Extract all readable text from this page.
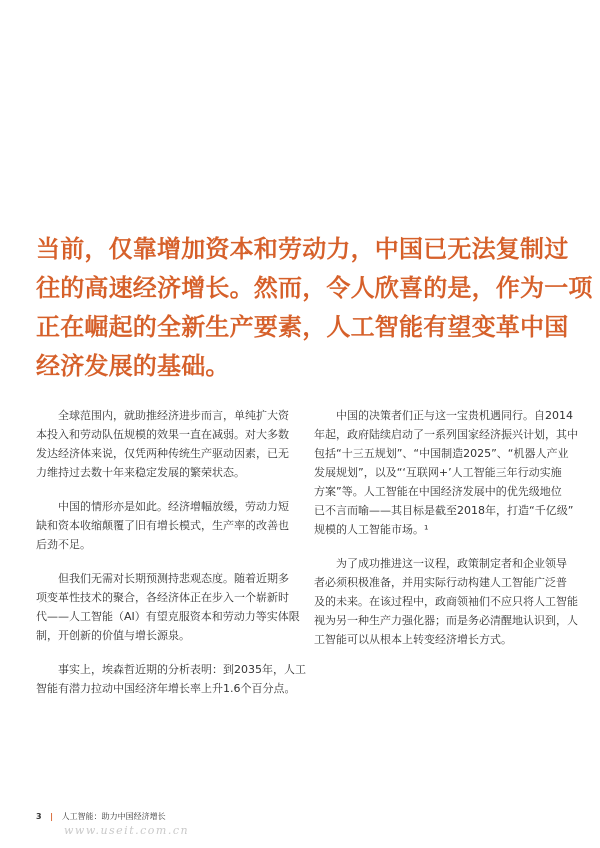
当前，仅靠增加资本和劳动力，中国已无法复制过
往的高速经济增长。然而，令人欣喜的是，作为一项
正在崛起的全新生产要素，人工智能有望变革中国
经济发展的基础。

全球范围内，就助推经济进步而言，单纯扩大资
本投入和劳动队伍规模的效果一直在减弱。对大多数
发达经济体来说，仅凭两种传统生产驱动因素，已无
力维持过去数十年来稳定发展的繁荣状态。

中国的情形亦是如此。经济增幅放缓，劳动力短
缺和资本收缩颠覆了旧有增长模式，生产率的改善也
后劲不足。

但我们无需对长期预测持悲观态度。随着近期多
项变革性技术的聚合，各经济体正在步入一个崭新时
代——人工智能（AI）有望克服资本和劳动力等实体限
制，开创新的价值与增长源泉。

事实上，埃森哲近期的分析表明：到2035年，人工
智能有潜力拉动中国经济年增长率上升1.6个百分点。

中国的决策者们正与这一宝贵机遇同行。自2014
年起，政府陆续启动了一系列国家经济振兴计划，其中
包括“十三五规划”、“中国制造2025”、“机器人产业
发展规划”，以及“‘互联网+’人工智能三年行动实施
方案”等。人工智能在中国经济发展中的优先级地位
已不言而喻——其目标是截至2018年，打造“千亿级”
规模的人工智能市场。¹

为了成功推进这一议程，政策制定者和企业领导
者必须积极准备，并用实际行动构建人工智能广泛普
及的未来。在该过程中，政商领袖们不应只将人工智能
视为另一种生产力强化器；而是务必清醒地认识到，人
工智能可以从根本上转变经济增长方式。

3 | 人工智能：助力中国经济增长
www.useit.com.cn
